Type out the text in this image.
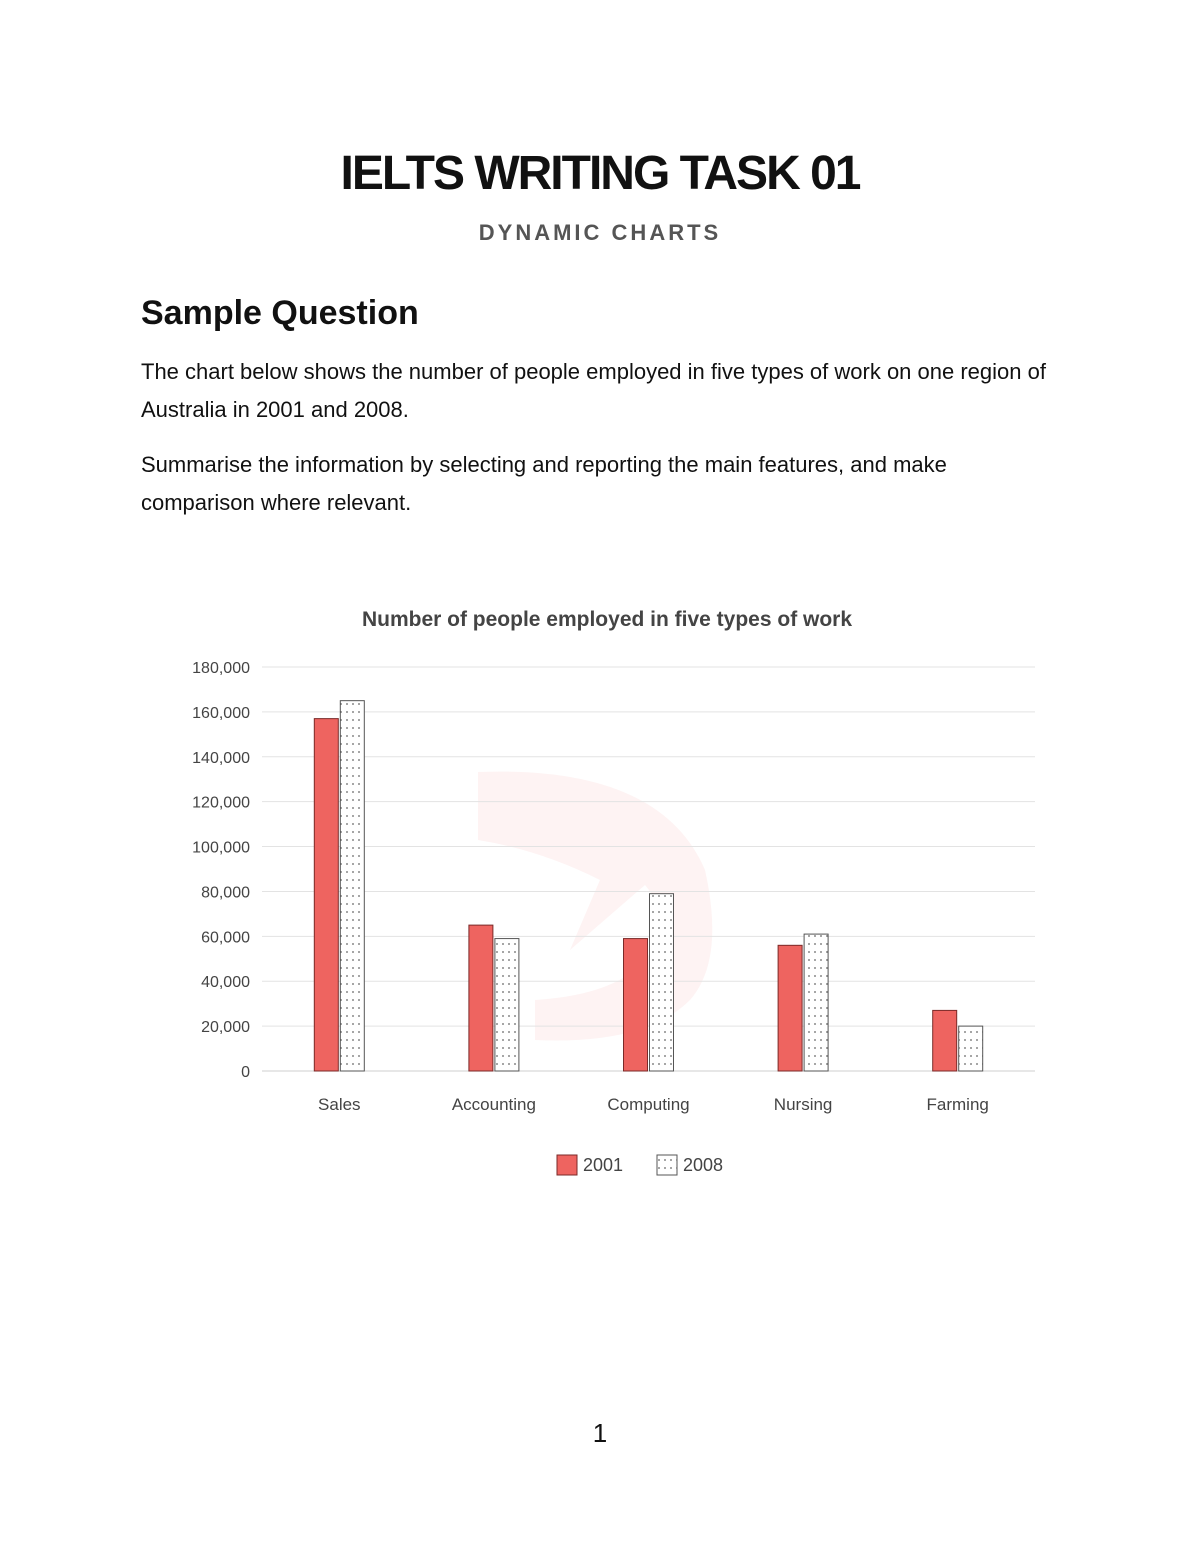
IELTS WRITING TASK 01
DYNAMIC CHARTS
Sample Question

The chart below shows the number of people employed in five types of work on one region of Australia in 2001 and 2008.

Summarise the information by selecting and reporting the main features, and make comparison where relevant.

Number of people employed in five types of work
0
20,000
40,000
60,000
80,000
100,000
120,000
140,000
160,000
180,000
Sales	Accounting	Computing	Nursing	Farming
2001	2008
1
